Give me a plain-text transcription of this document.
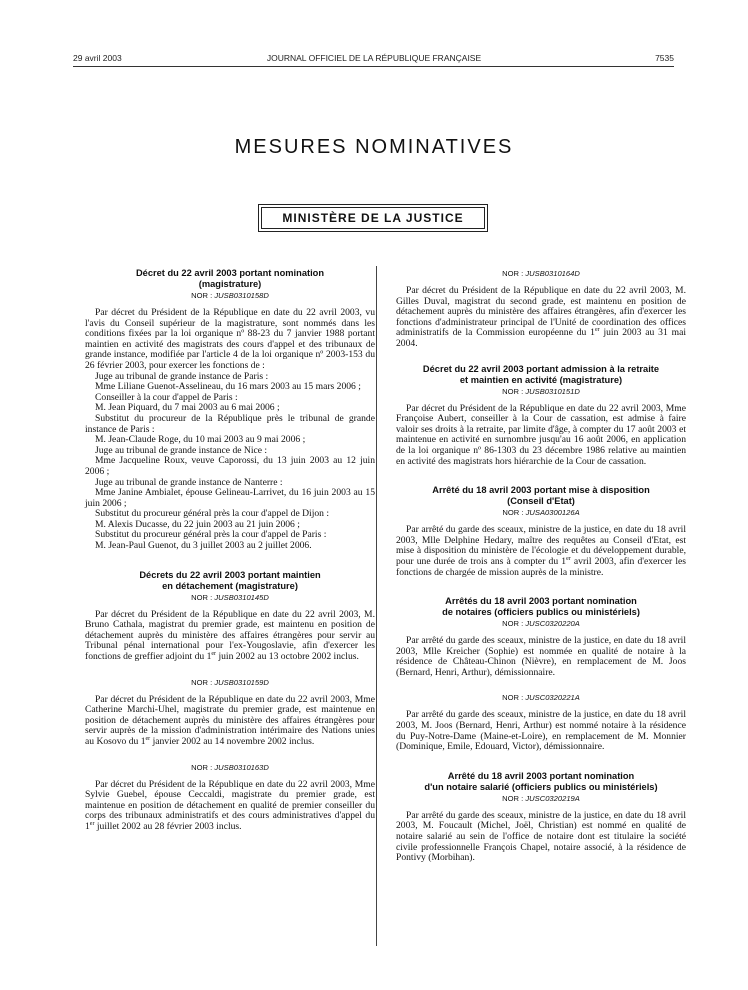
29 avril 2003	JOURNAL OFFICIEL DE LA RÉPUBLIQUE FRANÇAISE	7535
MESURES NOMINATIVES
MINISTÈRE DE LA JUSTICE
Décret du 22 avril 2003 portant nomination
(magistrature)
NOR : JUSB0310158D

Par décret du Président de la République en date du 22 avril 2003, vu l'avis du Conseil supérieur de la magistrature, sont nommés dans les conditions fixées par la loi organique nº 88-23 du 7 janvier 1988 portant maintien en activité des magistrats des cours d'appel et des tribunaux de grande instance, modifiée par l'article 4 de la loi organique nº 2003-153 du 26 février 2003, pour exercer les fonctions de :

Juge au tribunal de grande instance de Paris :

Mme Liliane Guenot-Asselineau, du 16 mars 2003 au 15 mars 2006 ;

Conseiller à la cour d'appel de Paris :

M. Jean Piquard, du 7 mai 2003 au 6 mai 2006 ;

Substitut du procureur de la République près le tribunal de grande instance de Paris :

M. Jean-Claude Roge, du 10 mai 2003 au 9 mai 2006 ;

Juge au tribunal de grande instance de Nice :

Mme Jacqueline Roux, veuve Caporossi, du 13 juin 2003 au 12 juin 2006 ;

Juge au tribunal de grande instance de Nanterre :

Mme Janine Ambialet, épouse Gelineau-Larrivet, du 16 juin 2003 au 15 juin 2006 ;

Substitut du procureur général près la cour d'appel de Dijon :

M. Alexis Ducasse, du 22 juin 2003 au 21 juin 2006 ;

Substitut du procureur général près la cour d'appel de Paris :

M. Jean-Paul Guenot, du 3 juillet 2003 au 2 juillet 2006.

Décrets du 22 avril 2003 portant maintien
en détachement (magistrature)
NOR : JUSB0310145D

Par décret du Président de la République en date du 22 avril 2003, M. Bruno Cathala, magistrat du premier grade, est maintenu en position de détachement auprès du ministère des affaires étrangères pour servir au Tribunal pénal international pour l'ex-Yougoslavie, afin d'exercer les fonctions de greffier adjoint du 1er juin 2002 au 13 octobre 2002 inclus.

NOR : JUSB0310159D

Par décret du Président de la République en date du 22 avril 2003, Mme Catherine Marchi-Uhel, magistrate du premier grade, est maintenue en position de détachement auprès du ministère des affaires étrangères pour servir auprès de la mission d'administration intérimaire des Nations unies au Kosovo du 1er janvier 2002 au 14 novembre 2002 inclus.

NOR : JUSB0310163D

Par décret du Président de la République en date du 22 avril 2003, Mme Sylvie Guebel, épouse Ceccaldi, magistrate du premier grade, est maintenue en position de détachement en qualité de premier conseiller du corps des tribunaux administratifs et des cours administratives d'appel du 1er juillet 2002 au 28 février 2003 inclus.

NOR : JUSB0310164D

Par décret du Président de la République en date du 22 avril 2003, M. Gilles Duval, magistrat du second grade, est maintenu en position de détachement auprès du ministère des affaires étrangères, afin d'exercer les fonctions d'administrateur principal de l'Unité de coordination des offices administratifs de la Commission européenne du 1er juin 2003 au 31 mai 2004.

Décret du 22 avril 2003 portant admission à la retraite
et maintien en activité (magistrature)
NOR : JUSB0310151D

Par décret du Président de la République en date du 22 avril 2003, Mme Françoise Aubert, conseiller à la Cour de cassation, est admise à faire valoir ses droits à la retraite, par limite d'âge, à compter du 17 août 2003 et maintenue en activité en surnombre jusqu'au 16 août 2006, en application de la loi organique nº 86-1303 du 23 décembre 1986 relative au maintien en activité des magistrats hors hiérarchie de la Cour de cassation.

Arrêté du 18 avril 2003 portant mise à disposition
(Conseil d'Etat)
NOR : JUSA0300126A

Par arrêté du garde des sceaux, ministre de la justice, en date du 18 avril 2003, Mlle Delphine Hedary, maître des requêtes au Conseil d'Etat, est mise à disposition du ministère de l'écologie et du développement durable, pour une durée de trois ans à compter du 1er avril 2003, afin d'exercer les fonctions de chargée de mission auprès de la ministre.

Arrêtés du 18 avril 2003 portant nomination
de notaires (officiers publics ou ministériels)
NOR : JUSC0320220A

Par arrêté du garde des sceaux, ministre de la justice, en date du 18 avril 2003, Mlle Kreicher (Sophie) est nommée en qualité de notaire à la résidence de Château-Chinon (Nièvre), en remplacement de M. Joos (Bernard, Henri, Arthur), démissionnaire.

NOR : JUSC0320221A

Par arrêté du garde des sceaux, ministre de la justice, en date du 18 avril 2003, M. Joos (Bernard, Henri, Arthur) est nommé notaire à la résidence du Puy-Notre-Dame (Maine-et-Loire), en remplacement de M. Monnier (Dominique, Emile, Edouard, Victor), démissionnaire.

Arrêté du 18 avril 2003 portant nomination
d'un notaire salarié (officiers publics ou ministériels)
NOR : JUSC0320219A

Par arrêté du garde des sceaux, ministre de la justice, en date du 18 avril 2003, M. Foucault (Michel, Joël, Christian) est nommé en qualité de notaire salarié au sein de l'office de notaire dont est titulaire la société civile professionnelle François Chapel, notaire associé, à la résidence de Pontivy (Morbihan).
